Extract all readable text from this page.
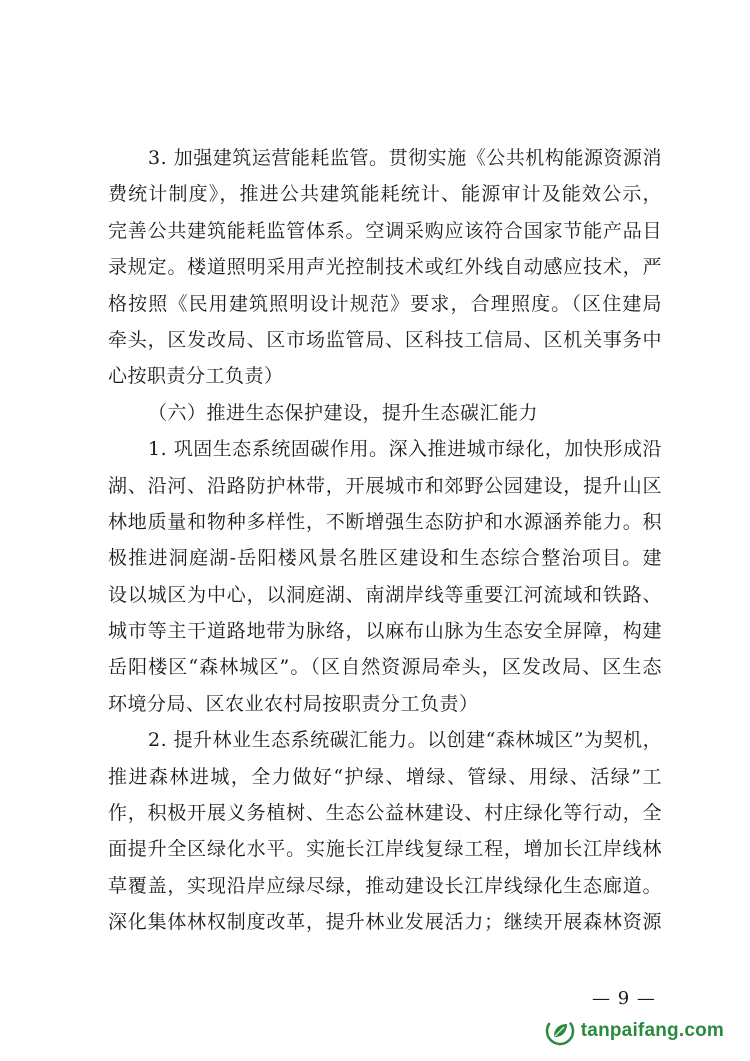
3. 加强建筑运营能耗监管。贯彻实施《公共机构能源资源消
费统计制度》，推进公共建筑能耗统计、能源审计及能效公示，
完善公共建筑能耗监管体系。空调采购应该符合国家节能产品目
录规定。楼道照明采用声光控制技术或红外线自动感应技术，严
格按照《民用建筑照明设计规范》要求，合理照度。（区住建局
牵头，区发改局、区市场监管局、区科技工信局、区机关事务中
心按职责分工负责）
（六）推进生态保护建设，提升生态碳汇能力
1. 巩固生态系统固碳作用。深入推进城市绿化，加快形成沿
湖、沿河、沿路防护林带，开展城市和郊野公园建设，提升山区
林地质量和物种多样性，不断增强生态防护和水源涵养能力。积
极推进洞庭湖-岳阳楼风景名胜区建设和生态综合整治项目。建
设以城区为中心，以洞庭湖、南湖岸线等重要江河流域和铁路、
城市等主干道路地带为脉络，以麻布山脉为生态安全屏障，构建
岳阳楼区“森林城区”。（区自然资源局牵头，区发改局、区生态
环境分局、区农业农村局按职责分工负责）
2. 提升林业生态系统碳汇能力。以创建“森林城区”为契机，
推进森林进城，全力做好“护绿、增绿、管绿、用绿、活绿”工
作，积极开展义务植树、生态公益林建设、村庄绿化等行动，全
面提升全区绿化水平。实施长江岸线复绿工程，增加长江岸线林
草覆盖，实现沿岸应绿尽绿，推动建设长江岸线绿化生态廊道。
深化集体林权制度改革，提升林业发展活力；继续开展森林资源
— 9 —
tanpaifang.com
